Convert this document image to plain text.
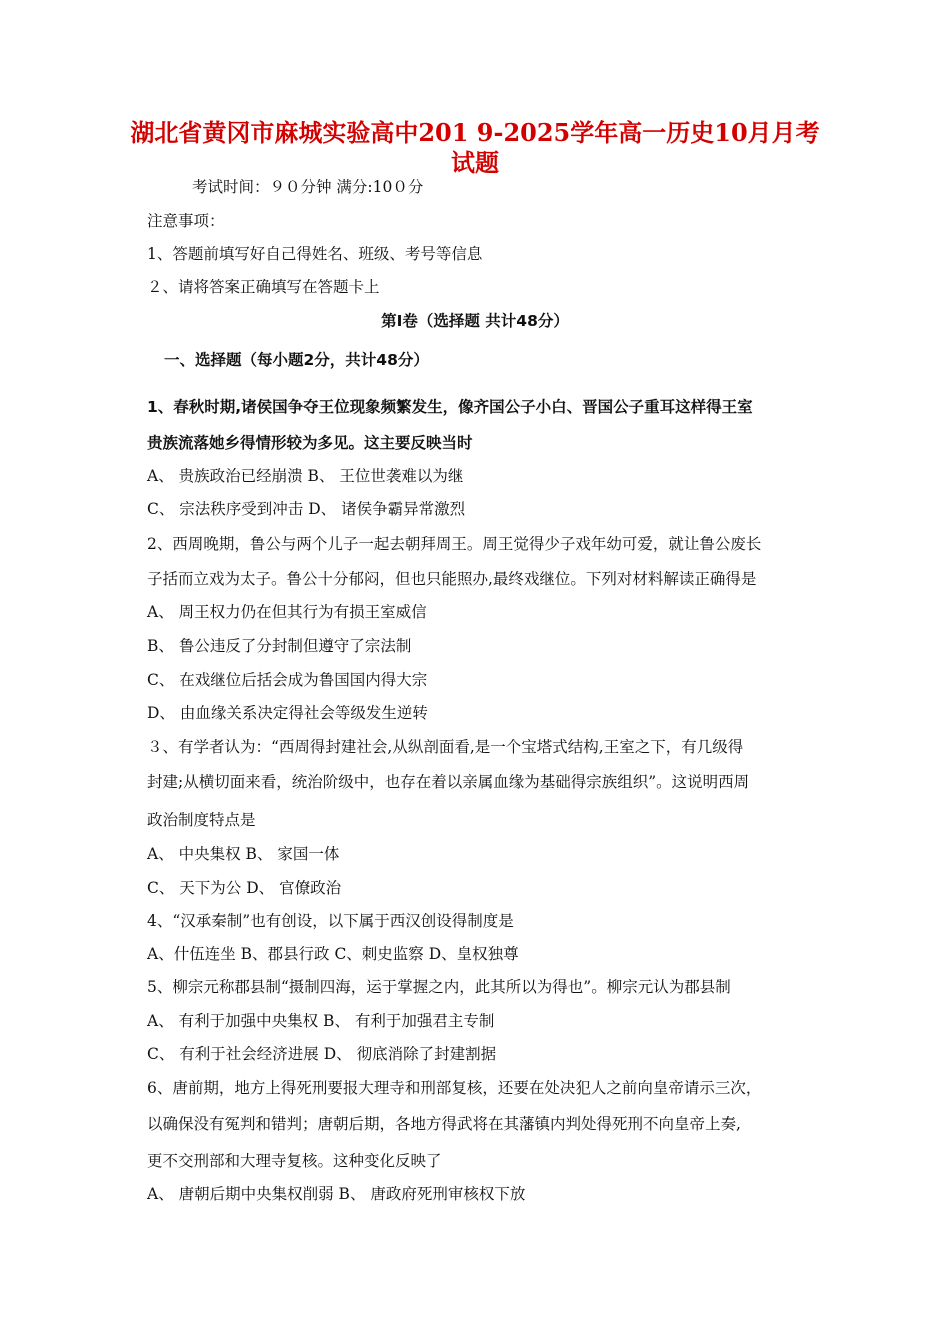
湖北省黄冈市麻城实验高中201 9-2025学年高一历史10月月考试题
考试时间：９０分钟 满分:10０分
注意事项：
1、答题前填写好自己得姓名、班级、考号等信息
２、请将答案正确填写在答题卡上
第Ⅰ卷（选择题 共计48分）
一、选择题（每小题2分，共计48分）
1、春秋时期,诸侯国争夺王位现象频繁发生，像齐国公子小白、晋国公子重耳这样得王室
贵族流落她乡得情形较为多见。这主要反映当时
A、 贵族政治已经崩溃 B、 王位世袭难以为继
C、 宗法秩序受到冲击 D、 诸侯争霸异常激烈
2、西周晚期，鲁公与两个儿子一起去朝拜周王。周王觉得少子戏年幼可爱，就让鲁公废长
子括而立戏为太子。鲁公十分郁闷，但也只能照办,最终戏继位。下列对材料解读正确得是
A、 周王权力仍在但其行为有损王室威信
B、 鲁公违反了分封制但遵守了宗法制
C、 在戏继位后括会成为鲁国国内得大宗
D、 由血缘关系决定得社会等级发生逆转
３、有学者认为：“西周得封建社会,从纵剖面看,是一个宝塔式结构,王室之下，有几级得
封建;从横切面来看，统治阶级中，也存在着以亲属血缘为基础得宗族组织”。这说明西周
政治制度特点是
A、 中央集权 B、 家国一体
C、 天下为公 D、 官僚政治
4、“汉承秦制”也有创设，以下属于西汉创设得制度是
A、什伍连坐 B、郡县行政 C、刺史监察 D、皇权独尊
5、柳宗元称郡县制“摄制四海，运于掌握之内，此其所以为得也”。柳宗元认为郡县制
A、 有利于加强中央集权 B、 有利于加强君主专制
C、 有利于社会经济进展 D、 彻底消除了封建割据
6、唐前期，地方上得死刑要报大理寺和刑部复核，还要在处决犯人之前向皇帝请示三次，
以确保没有冤判和错判；唐朝后期，各地方得武将在其藩镇内判处得死刑不向皇帝上奏,
更不交刑部和大理寺复核。这种变化反映了
A、 唐朝后期中央集权削弱 B、 唐政府死刑审核权下放
